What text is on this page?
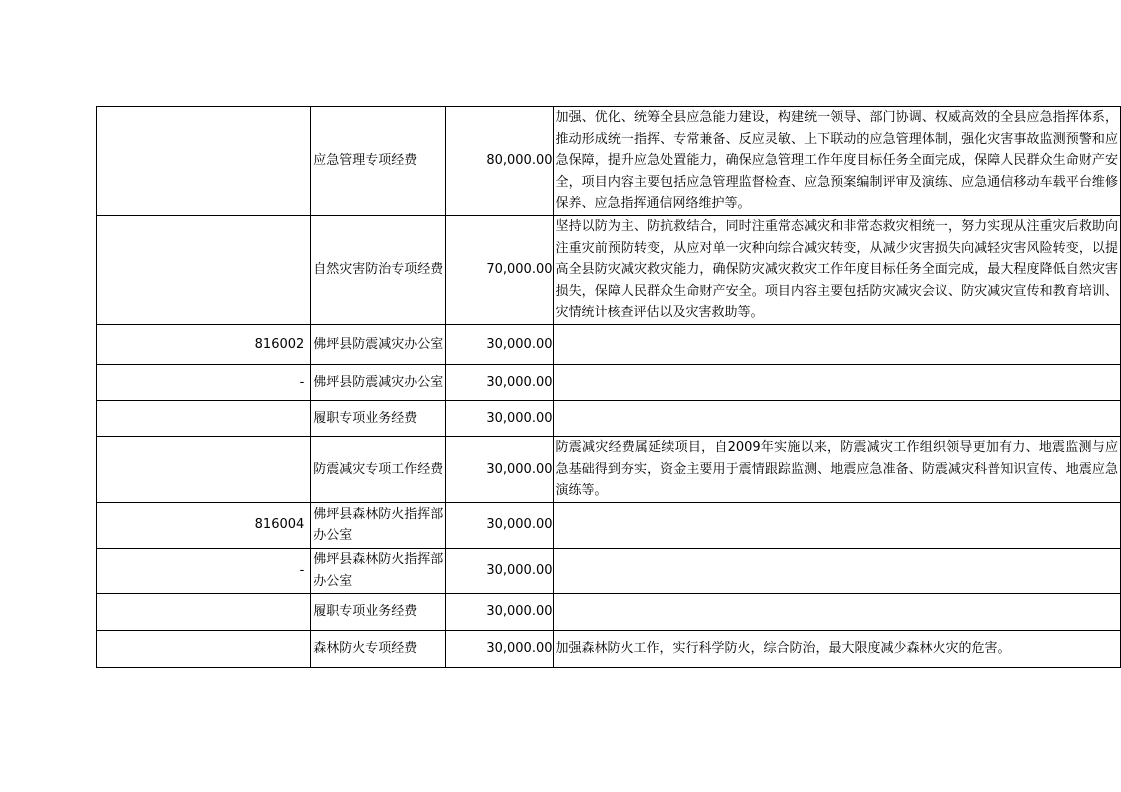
	应急管理专项经费	80,000.00	加强、优化、统筹全县应急能力建设，构建统一领导、部门协调、权威高效的全县应急指挥体系，推动形成统一指挥、专常兼备、反应灵敏、上下联动的应急管理体制，强化灾害事故监测预警和应急保障，提升应急处置能力，确保应急管理工作年度目标任务全面完成，保障人民群众生命财产安全，项目内容主要包括应急管理监督检查、应急预案编制评审及演练、应急通信移动车载平台维修保养、应急指挥通信网络维护等。
	自然灾害防治专项经费	70,000.00	坚持以防为主、防抗救结合，同时注重常态减灾和非常态救灾相统一，努力实现从注重灾后救助向注重灾前预防转变，从应对单一灾种向综合减灾转变，从减少灾害损失向减轻灾害风险转变，以提高全县防灾减灾救灾能力，确保防灾减灾救灾工作年度目标任务全面完成，最大程度降低自然灾害损失，保障人民群众生命财产安全。项目内容主要包括防灾减灾会议、防灾减灾宣传和教育培训、灾情统计核查评估以及灾害救助等。
816002	佛坪县防震减灾办公室	30,000.00	
-	佛坪县防震减灾办公室	30,000.00	
	履职专项业务经费	30,000.00	
	防震减灾专项工作经费	30,000.00	防震减灾经费属延续项目，自2009年实施以来，防震减灾工作组织领导更加有力、地震监测与应急基础得到夯实，资金主要用于震情跟踪监测、地震应急准备、防震减灾科普知识宣传、地震应急演练等。
816004	佛坪县森林防火指挥部办公室	30,000.00	
-	佛坪县森林防火指挥部办公室	30,000.00	
	履职专项业务经费	30,000.00	
	森林防火专项经费	30,000.00	加强森林防火工作，实行科学防火，综合防治，最大限度减少森林火灾的危害。
